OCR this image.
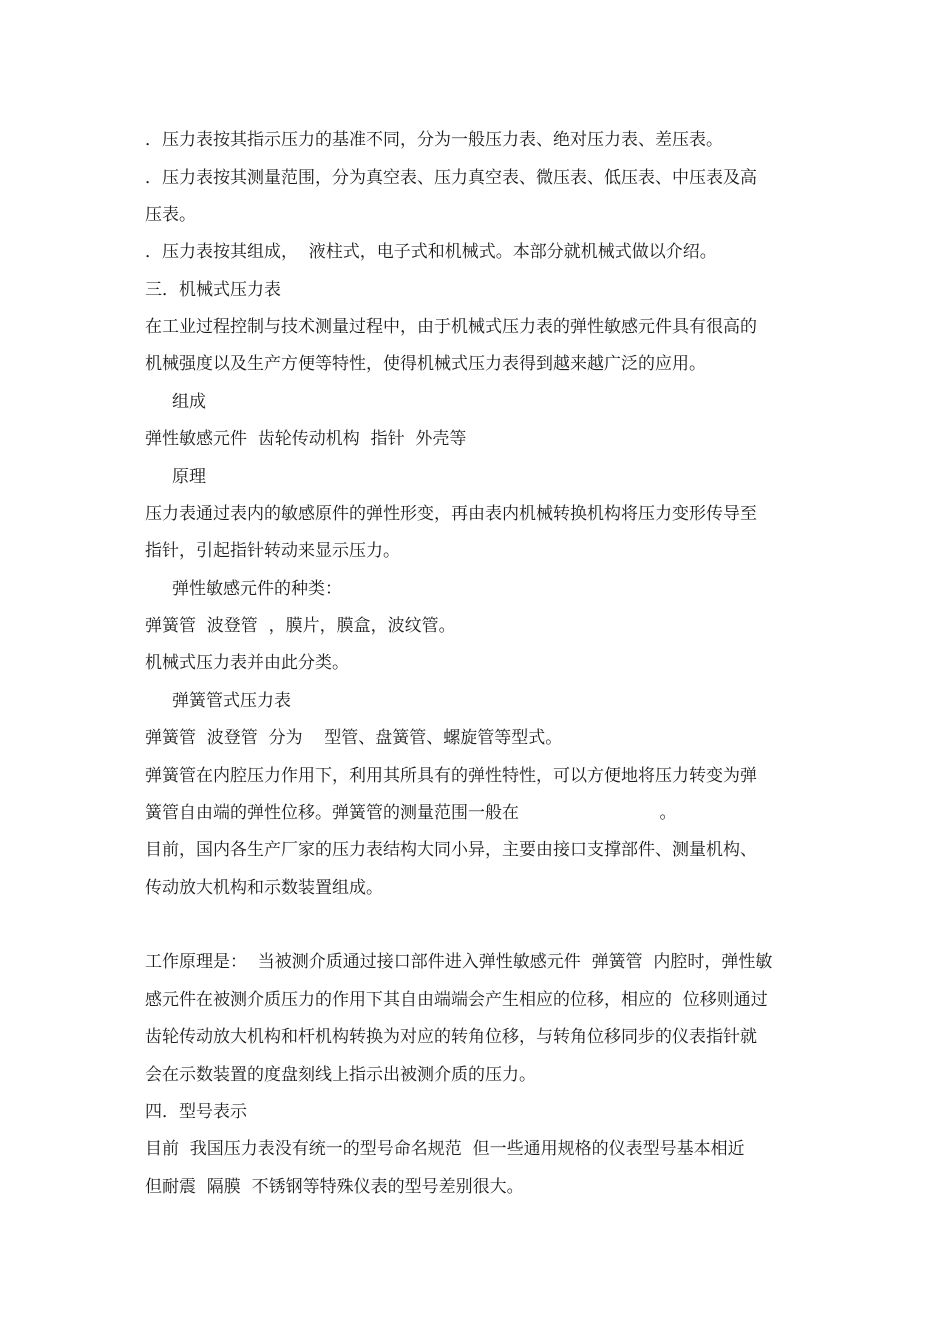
．压力表按其指示压力的基准不同，分为一般压力表、绝对压力表、差压表。
．压力表按其测量范围，分为真空表、压力真空表、微压表、低压表、中压表及高
压表。
．压力表按其组成，  液柱式，电子式和机械式。本部分就机械式做以介绍。
三．机械式压力表
在工业过程控制与技术测量过程中，由于机械式压力表的弹性敏感元件具有很高的
机械强度以及生产方便等特性，使得机械式压力表得到越来越广泛的应用。
组成
弹性敏感元件  齿轮传动机构  指针  外壳等
原理
压力表通过表内的敏感原件的弹性形变，再由表内机械转换机构将压力变形传导至
指针，引起指针转动来显示压力。
弹性敏感元件的种类：
弹簧管  波登管  ，膜片，膜盒，波纹管。
机械式压力表并由此分类。
弹簧管式压力表
弹簧管  波登管  分为    型管、盘簧管、螺旋管等型式。
弹簧管在内腔压力作用下，利用其所具有的弹性特性，可以方便地将压力转变为弹
簧管自由端的弹性位移。弹簧管的测量范围一般在                          。
目前，国内各生产厂家的压力表结构大同小异，主要由接口支撑部件、测量机构、
传动放大机构和示数装置组成。
工作原理是：  当被测介质通过接口部件进入弹性敏感元件  弹簧管  内腔时，弹性敏
感元件在被测介质压力的作用下其自由端端会产生相应的位移，相应的  位移则通过
齿轮传动放大机构和杆机构转换为对应的转角位移，与转角位移同步的仪表指针就
会在示数装置的度盘刻线上指示出被测介质的压力。
四．型号表示
目前  我国压力表没有统一的型号命名规范  但一些通用规格的仪表型号基本相近
但耐震  隔膜  不锈钢等特殊仪表的型号差别很大。
